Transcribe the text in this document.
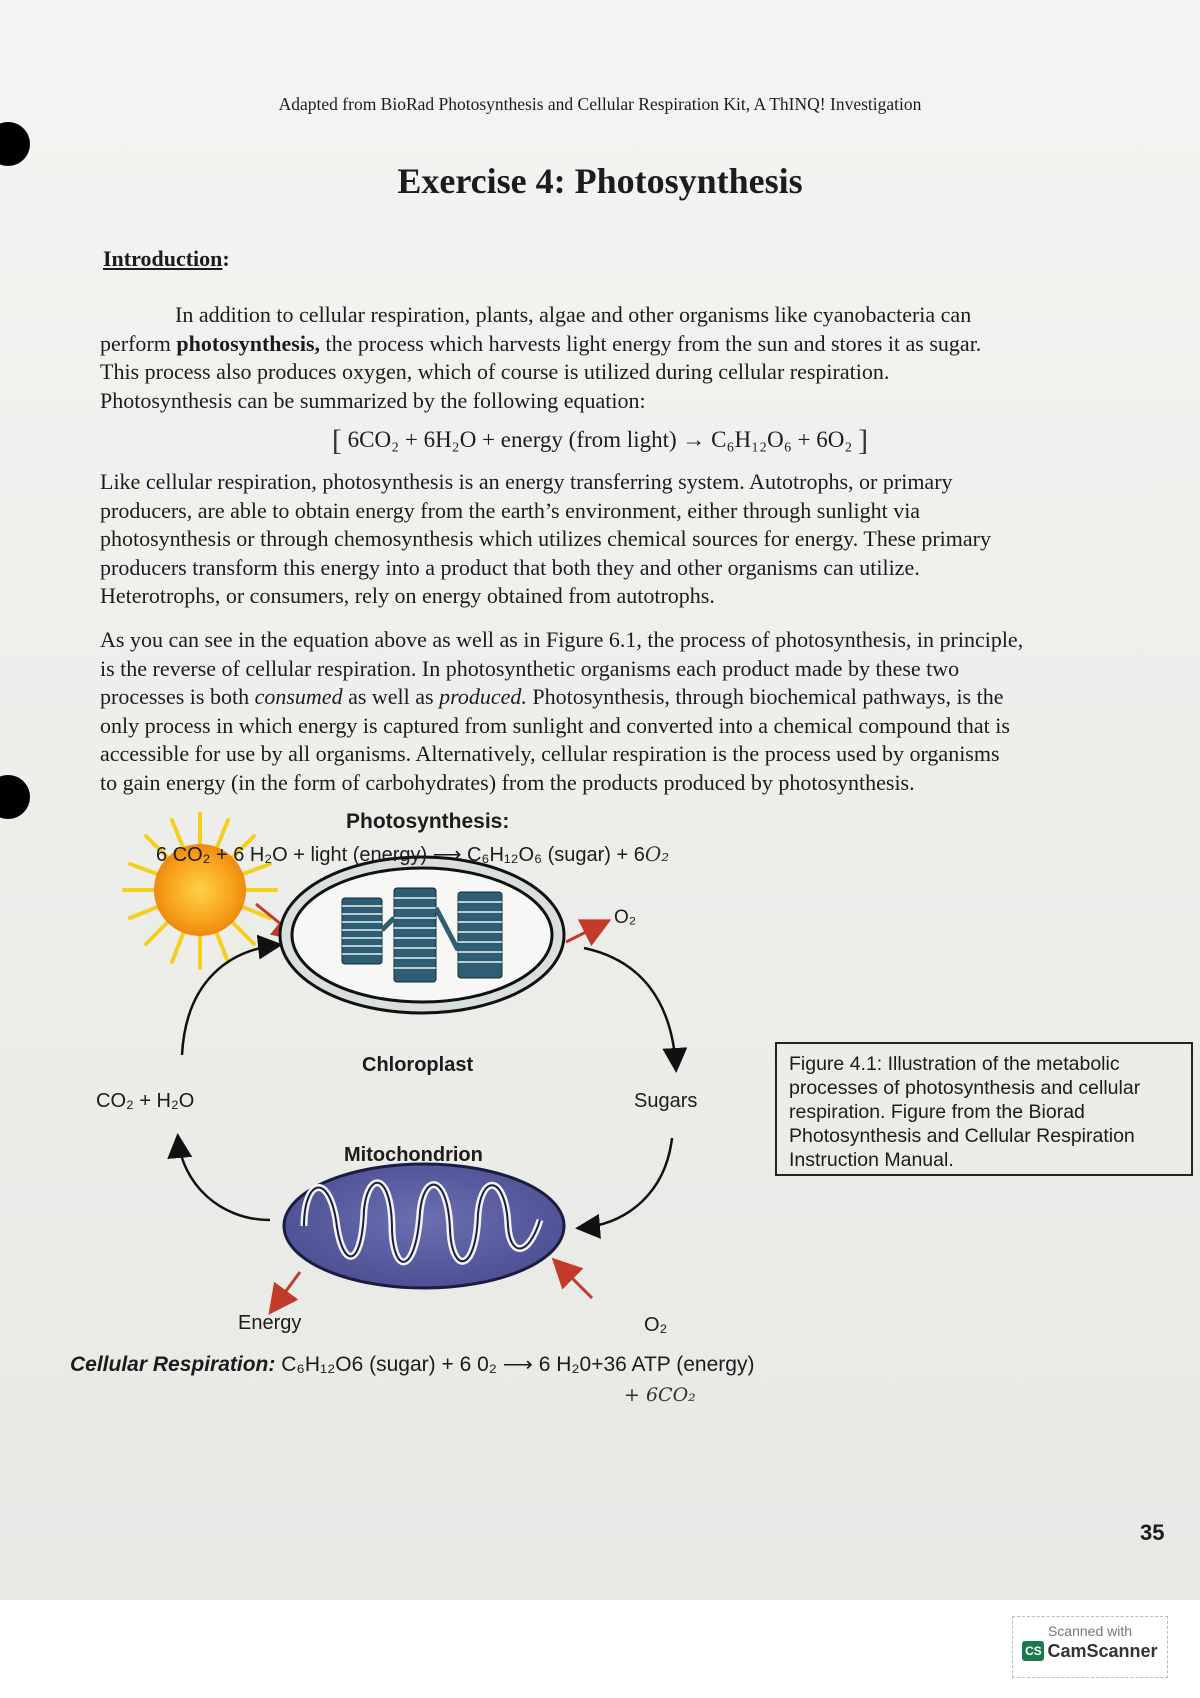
Adapted from BioRad Photosynthesis and Cellular Respiration Kit, A ThINQ! Investigation
Exercise 4: Photosynthesis
Introduction:
In addition to cellular respiration, plants, algae and other organisms like cyanobacteria can
perform photosynthesis, the process which harvests light energy from the sun and stores it as sugar.
This process also produces oxygen, which of course is utilized during cellular respiration.
Photosynthesis can be summarized by the following equation:
[ 6CO₂ + 6H₂O + energy (from light) → C₆H₁₂O₆ + 6O₂ ]
Like cellular respiration, photosynthesis is an energy transferring system. Autotrophs, or primary
producers, are able to obtain energy from the earth’s environment, either through sunlight via
photosynthesis or through chemosynthesis which utilizes chemical sources for energy. These primary
producers transform this energy into a product that both they and other organisms can utilize.
Heterotrophs, or consumers, rely on energy obtained from autotrophs.
As you can see in the equation above as well as in Figure 6.1, the process of photosynthesis, in principle,
is the reverse of cellular respiration. In photosynthetic organisms each product made by these two
processes is both consumed as well as produced. Photosynthesis, through biochemical pathways, is the
only process in which energy is captured from sunlight and converted into a chemical compound that is
accessible for use by all organisms. Alternatively, cellular respiration is the process used by organisms
to gain energy (in the form of carbohydrates) from the products produced by photosynthesis.
Photosynthesis:
6 CO₂ + 6 H₂O + light (energy) ⟶ C₆H₁₂O₆ (sugar) + 6O₂
O₂
Chloroplast
CO₂ + H₂O	Sugars
Mitochondrion
Energy	O₂
Cellular Respiration: C₆H₁₂O6 (sugar) + 6 0₂ ⟶ 6 H₂0+36 ATP (energy)
+ 6CO₂
Figure 4.1: Illustration of the metabolic
processes of photosynthesis and cellular
respiration. Figure from the Biorad
Photosynthesis and Cellular Respiration
Instruction Manual.
35
Scanned with
CS CamScanner
